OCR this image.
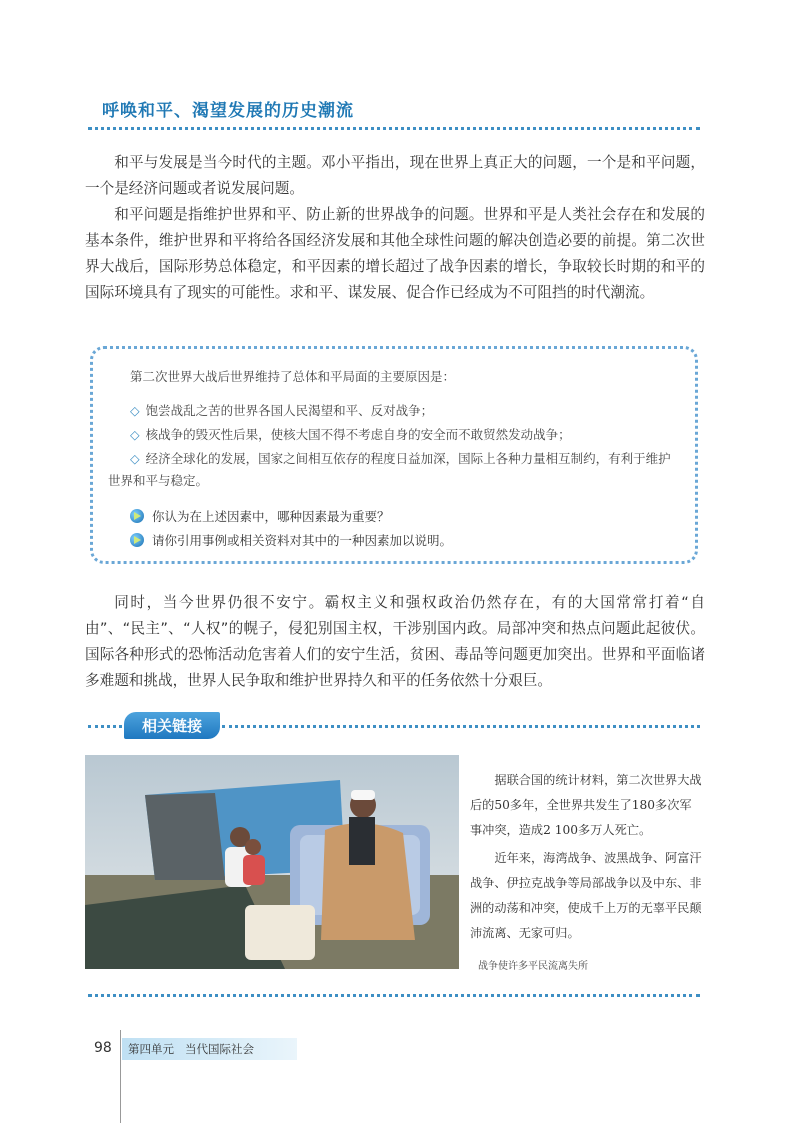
呼唤和平、渴望发展的历史潮流

和平与发展是当今时代的主题。邓小平指出，现在世界上真正大的问题，一个是和平问题，一个是经济问题或者说发展问题。

和平问题是指维护世界和平、防止新的世界战争的问题。世界和平是人类社会存在和发展的基本条件，维护世界和平将给各国经济发展和其他全球性问题的解决创造必要的前提。第二次世界大战后，国际形势总体稳定，和平因素的增长超过了战争因素的增长，争取较长时期的和平的国际环境具有了现实的可能性。求和平、谋发展、促合作已经成为不可阻挡的时代潮流。

第二次世界大战后世界维持了总体和平局面的主要原因是：
◇ 饱尝战乱之苦的世界各国人民渴望和平、反对战争；
◇ 核战争的毁灭性后果，使核大国不得不考虑自身的安全而不敢贸然发动战争；
◇ 经济全球化的发展，国家之间相互依存的程度日益加深，国际上各种力量相互制约，有利于维护世界和平与稳定。
你认为在上述因素中，哪种因素最为重要？
请你引用事例或相关资料对其中的一种因素加以说明。

同时，当今世界仍很不安宁。霸权主义和强权政治仍然存在，有的大国常常打着“自由”、“民主”、“人权”的幌子，侵犯别国主权，干涉别国内政。局部冲突和热点问题此起彼伏。国际各种形式的恐怖活动危害着人们的安宁生活，贫困、毒品等问题更加突出。世界和平面临诸多难题和挑战，世界人民争取和维护世界持久和平的任务依然十分艰巨。

相关链接

据联合国的统计材料，第二次世界大战后的50多年，全世界共发生了180多次军事冲突，造成2 100多万人死亡。

近年来，海湾战争、波黑战争、阿富汗战争、伊拉克战争等局部战争以及中东、非洲的动荡和冲突，使成千上万的无辜平民颠沛流离、无家可归。

战争使许多平民流离失所
98	第四单元 当代国际社会
